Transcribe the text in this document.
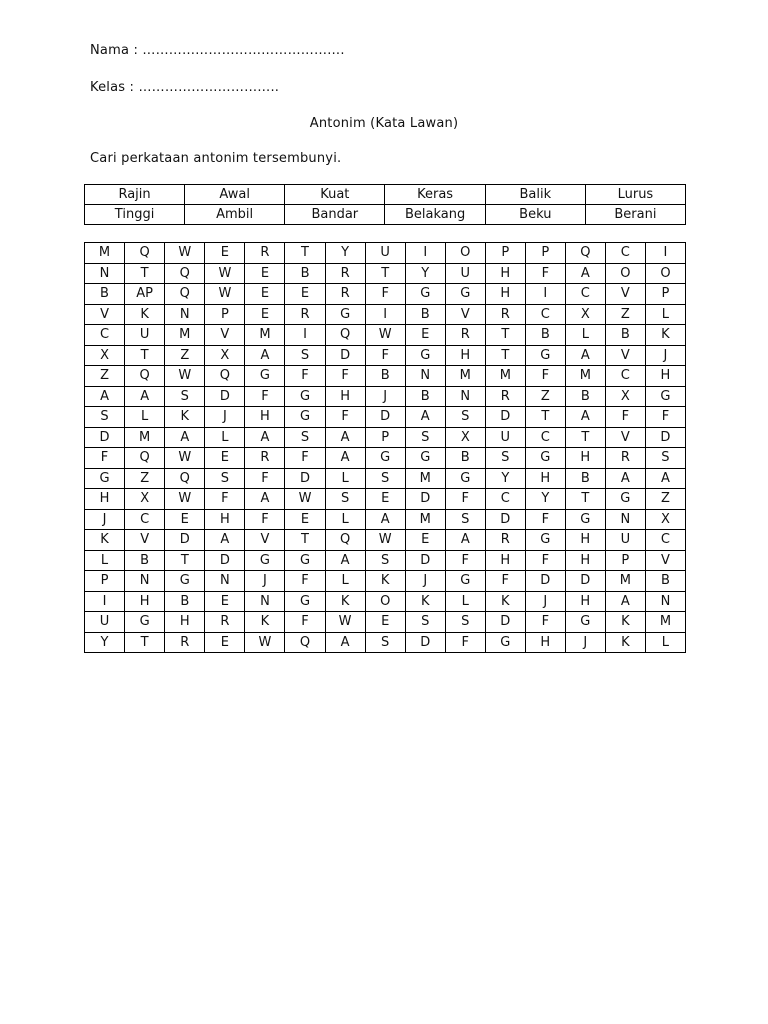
Nama : ……………………………………….
Kelas : …………………………..
Antonim (Kata Lawan)
Cari perkataan antonim tersembunyi.
Rajin	Awal	Kuat	Keras	Balik	Lurus
Tinggi	Ambil	Bandar	Belakang	Beku	Berani
M	Q	W	E	R	T	Y	U	I	O	P	P	Q	C	I
N	T	Q	W	E	B	R	T	Y	U	H	F	A	O	O
B	AP	Q	W	E	E	R	F	G	G	H	I	C	V	P
V	K	N	P	E	R	G	I	B	V	R	C	X	Z	L
C	U	M	V	M	I	Q	W	E	R	T	B	L	B	K
X	T	Z	X	A	S	D	F	G	H	T	G	A	V	J
Z	Q	W	Q	G	F	F	B	N	M	M	F	M	C	H
A	A	S	D	F	G	H	J	B	N	R	Z	B	X	G
S	L	K	J	H	G	F	D	A	S	D	T	A	F	F
D	M	A	L	A	S	A	P	S	X	U	C	T	V	D
F	Q	W	E	R	F	A	G	G	B	S	G	H	R	S
G	Z	Q	S	F	D	L	S	M	G	Y	H	B	A	A
H	X	W	F	A	W	S	E	D	F	C	Y	T	G	Z
J	C	E	H	F	E	L	A	M	S	D	F	G	N	X
K	V	D	A	V	T	Q	W	E	A	R	G	H	U	C
L	B	T	D	G	G	A	S	D	F	H	F	H	P	V
P	N	G	N	J	F	L	K	J	G	F	D	D	M	B
I	H	B	E	N	G	K	O	K	L	K	J	H	A	N
U	G	H	R	K	F	W	E	S	S	D	F	G	K	M
Y	T	R	E	W	Q	A	S	D	F	G	H	J	K	L
